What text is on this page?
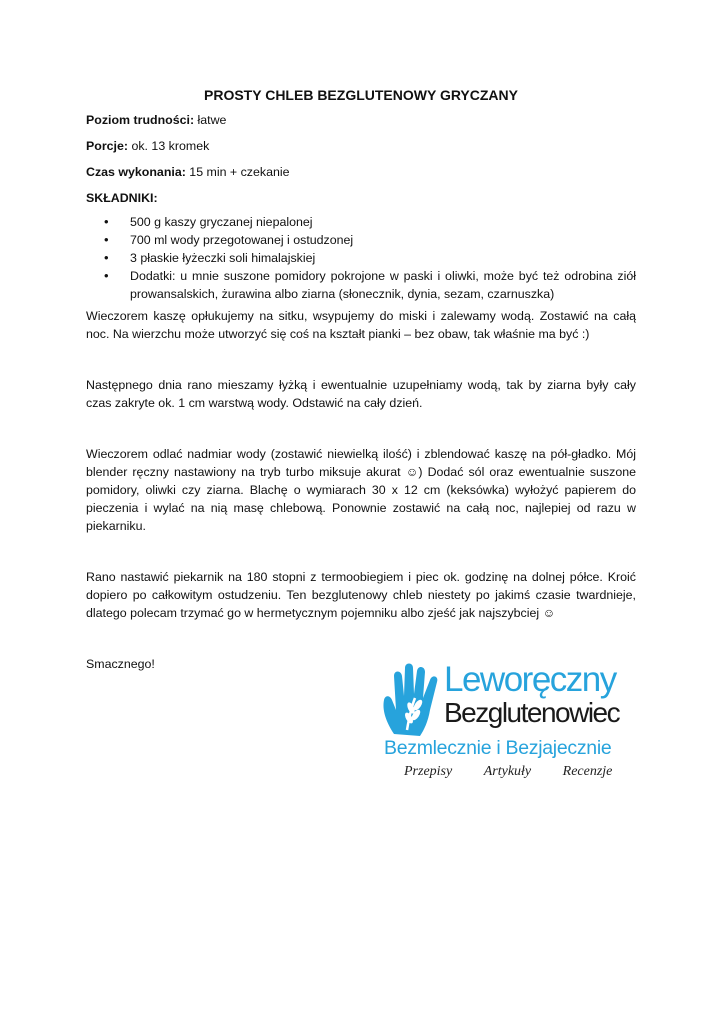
PROSTY CHLEB BEZGLUTENOWY GRYCZANY
Poziom trudności: łatwe
Porcje: ok. 13 kromek
Czas wykonania: 15 min + czekanie
SKŁADNIKI:
• 500 g kaszy gryczanej niepalonej
• 700 ml wody przegotowanej i ostudzonej
• 3 płaskie łyżeczki soli himalajskiej
• Dodatki: u mnie suszone pomidory pokrojone w paski i oliwki, może być też odrobina ziół prowansalskich, żurawina albo ziarna (słonecznik, dynia, sezam, czarnuszka)

Wieczorem kaszę opłukujemy na sitku, wsypujemy do miski i zalewamy wodą. Zostawić na całą noc. Na wierzchu może utworzyć się coś na kształt pianki – bez obaw, tak właśnie ma być :)

Następnego dnia rano mieszamy łyżką i ewentualnie uzupełniamy wodą, tak by ziarna były cały czas zakryte ok. 1 cm warstwą wody. Odstawić na cały dzień.

Wieczorem odlać nadmiar wody (zostawić niewielką ilość) i zblendować kaszę na pół-gładko. Mój blender ręczny nastawiony na tryb turbo miksuje akurat ☺) Dodać sól oraz ewentualnie suszone pomidory, oliwki czy ziarna. Blachę o wymiarach 30 x 12 cm (keksówka) wyłożyć papierem do pieczenia i wylać na nią masę chlebową. Ponownie zostawić na całą noc, najlepiej od razu w piekarniku.

Rano nastawić piekarnik na 180 stopni z termoobiegiem i piec ok. godzinę na dolnej półce. Kroić dopiero po całkowitym ostudzeniu. Ten bezglutenowy chleb niestety po jakimś czasie twardnieje, dlatego polecam trzymać go w hermetycznym pojemniku albo zjeść jak najszybciej ☺

Smacznego!	Leworęczny
Bezglutenowiec
Bezmlecznie i Bezjajecznie
Przepisy Artykuły Recenzje
